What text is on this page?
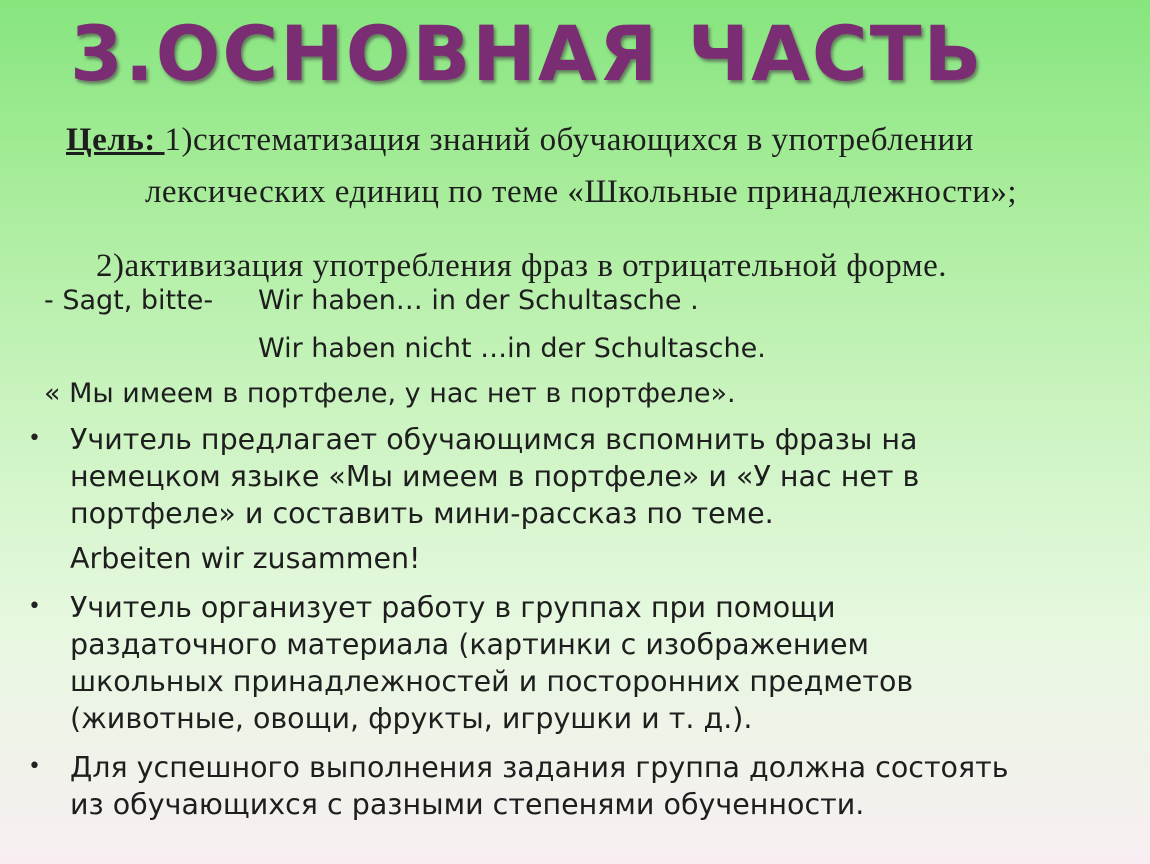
3.ОСНОВНАЯ ЧАСТЬ
Цель: 1)систематизация знаний обучающихся в употреблении
лексических единиц по теме «Школьные принадлежности»;
2)активизация употребления фраз в отрицательной форме.
- Sagt, bitte- Wir haben… in der Schultasche .
Wir haben nicht …in der Schultasche.
« Мы имеем в портфеле, у нас нет в портфеле».
•	Учитель предлагает обучающимся вспомнить фразы на
немецком языке «Мы имеем в портфеле» и «У нас нет в
портфеле» и составить мини-рассказ по теме.
Arbeiten wir zusammen!
•	Учитель организует работу в группах при помощи
раздаточного материала (картинки с изображением
школьных принадлежностей и посторонних предметов
(животные, овощи, фрукты, игрушки и т. д.).
•	Для успешного выполнения задания группа должна состоять
из обучающихся с разными степенями обученности.
